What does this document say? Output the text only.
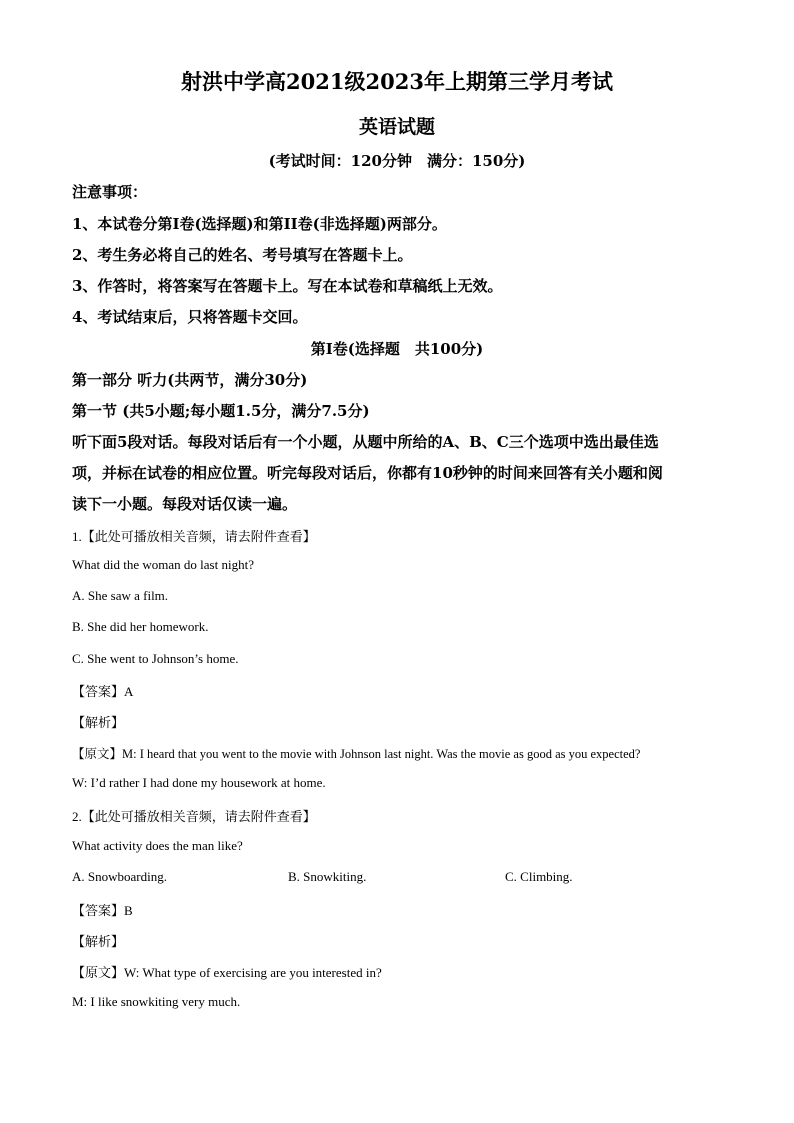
射洪中学高2021级2023年上期第三学月考试
英语试题
(考试时间：120分钟　满分：150分)
注意事项：
1、本试卷分第I卷(选择题)和第II卷(非选择题)两部分。
2、考生务必将自己的姓名、考号填写在答题卡上。
3、作答时，将答案写在答题卡上。写在本试卷和草稿纸上无效。
4、考试结束后，只将答题卡交回。
第I卷(选择题　共100分)
第一部分 听力(共两节，满分30分)
第一节 (共5小题;每小题1.5分，满分7.5分)
听下面5段对话。每段对话后有一个小题，从题中所给的A、B、C三个选项中选出最佳选
项，并标在试卷的相应位置。听完每段对话后，你都有10秒钟的时间来回答有关小题和阅
读下一小题。每段对话仅读一遍。
1.【此处可播放相关音频，请去附件查看】
What did the woman do last night?
A. She saw a film.
B. She did her homework.
C. She went to Johnson’s home.
【答案】A
【解析】
【原文】M: I heard that you went to the movie with Johnson last night. Was the movie as good as you expected?
W: I’d rather I had done my housework at home.
2.【此处可播放相关音频，请去附件查看】
What activity does the man like?
A. Snowboarding.	B. Snowkiting.	C. Climbing.
【答案】B
【解析】
【原文】W: What type of exercising are you interested in?
M: I like snowkiting very much.
